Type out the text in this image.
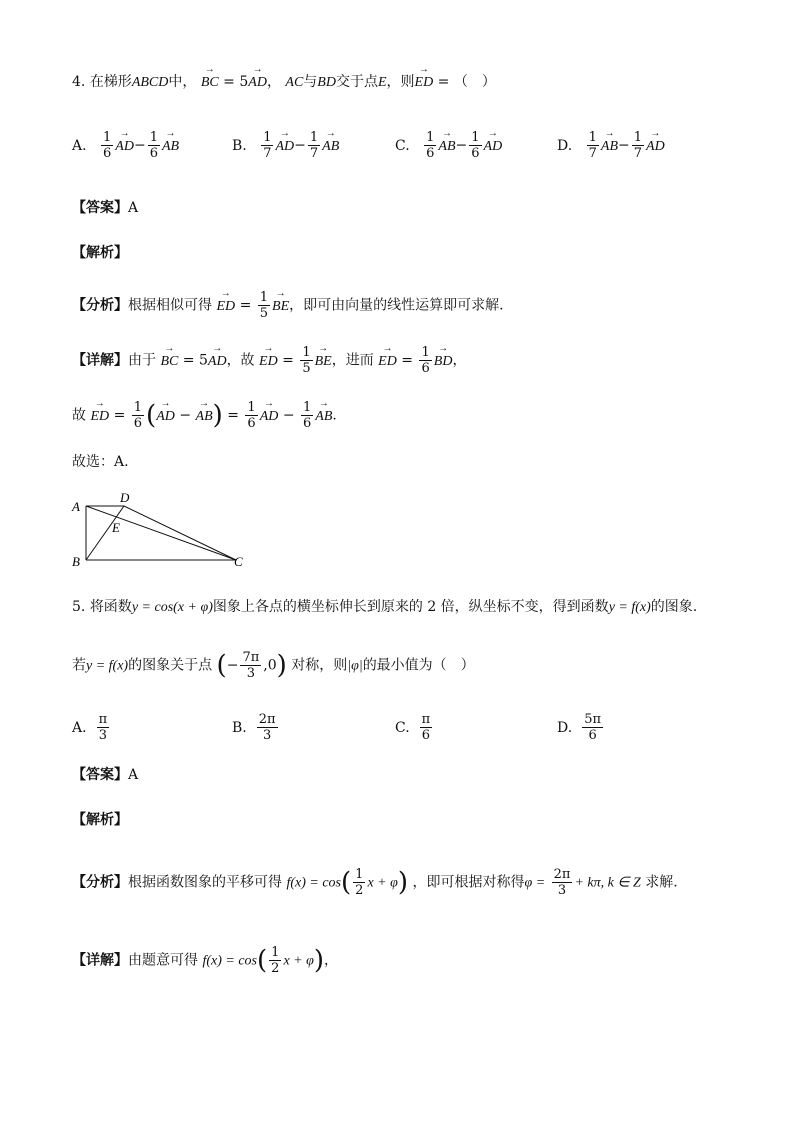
4. 在梯形ABCD中， → BC = 5→ AD， AC与BD交于点E，则→ ED = （　）
A. $\frac{1}{6}$
→ $AD- \frac{1}{6}$
→ AB	B. $\frac{1}{7}$
→ $AD- \frac{1}{7}$
→ AB	C. $\frac{1}{6}$
→ $AB- \frac{1}{6}$
→ AD	D. $\frac{1}{7}$
→ $AB- \frac{1}{7}$
→ AD
【答案】A
【解析】
【分析】根据相似可得 → ED = $\frac{1}{5}$
→ BE，即可由向量的线性运算即可求解.
【详解】由于 → BC = 5→ AD，故 → ED = $\frac{1}{5}$
→ BE，进而 → ED = $\frac{1}{6}$
→ BD，
故 → ED = $\frac{1}{6}$ (→ AD − → $AB) = \frac{1}{6}$
→ AD − $\frac{1}{6}$
→ AB.
故选：A.
A
D
E
B	C
5. 将函数y = cos(x + φ)图象上各点的横坐标伸长到原来的 2 倍，纵坐标不变，得到函数y = f(x)的图象.
若y = f(x)的图象关于点 (− $\frac{7\pi}{3} ,0$) 对称，则|φ|的最小值为（　）
A. $\frac{\pi}{3}$	B. $\frac{2\pi}{3}$	C. $\frac{\pi}{6}$	D. $\frac{5\pi}{6}$
【答案】A
【解析】
【分析】根据函数图象的平移可得 $f(x) = \cos( \frac{1}{2}$ x + φ) ，即可根据对称得$\varphi = \frac{2\pi}{3} + k\pi$, k ∈ Z 求解.
【详解】由题意可得 $f(x) = \cos( \frac{1}{2}$ x + φ)，
